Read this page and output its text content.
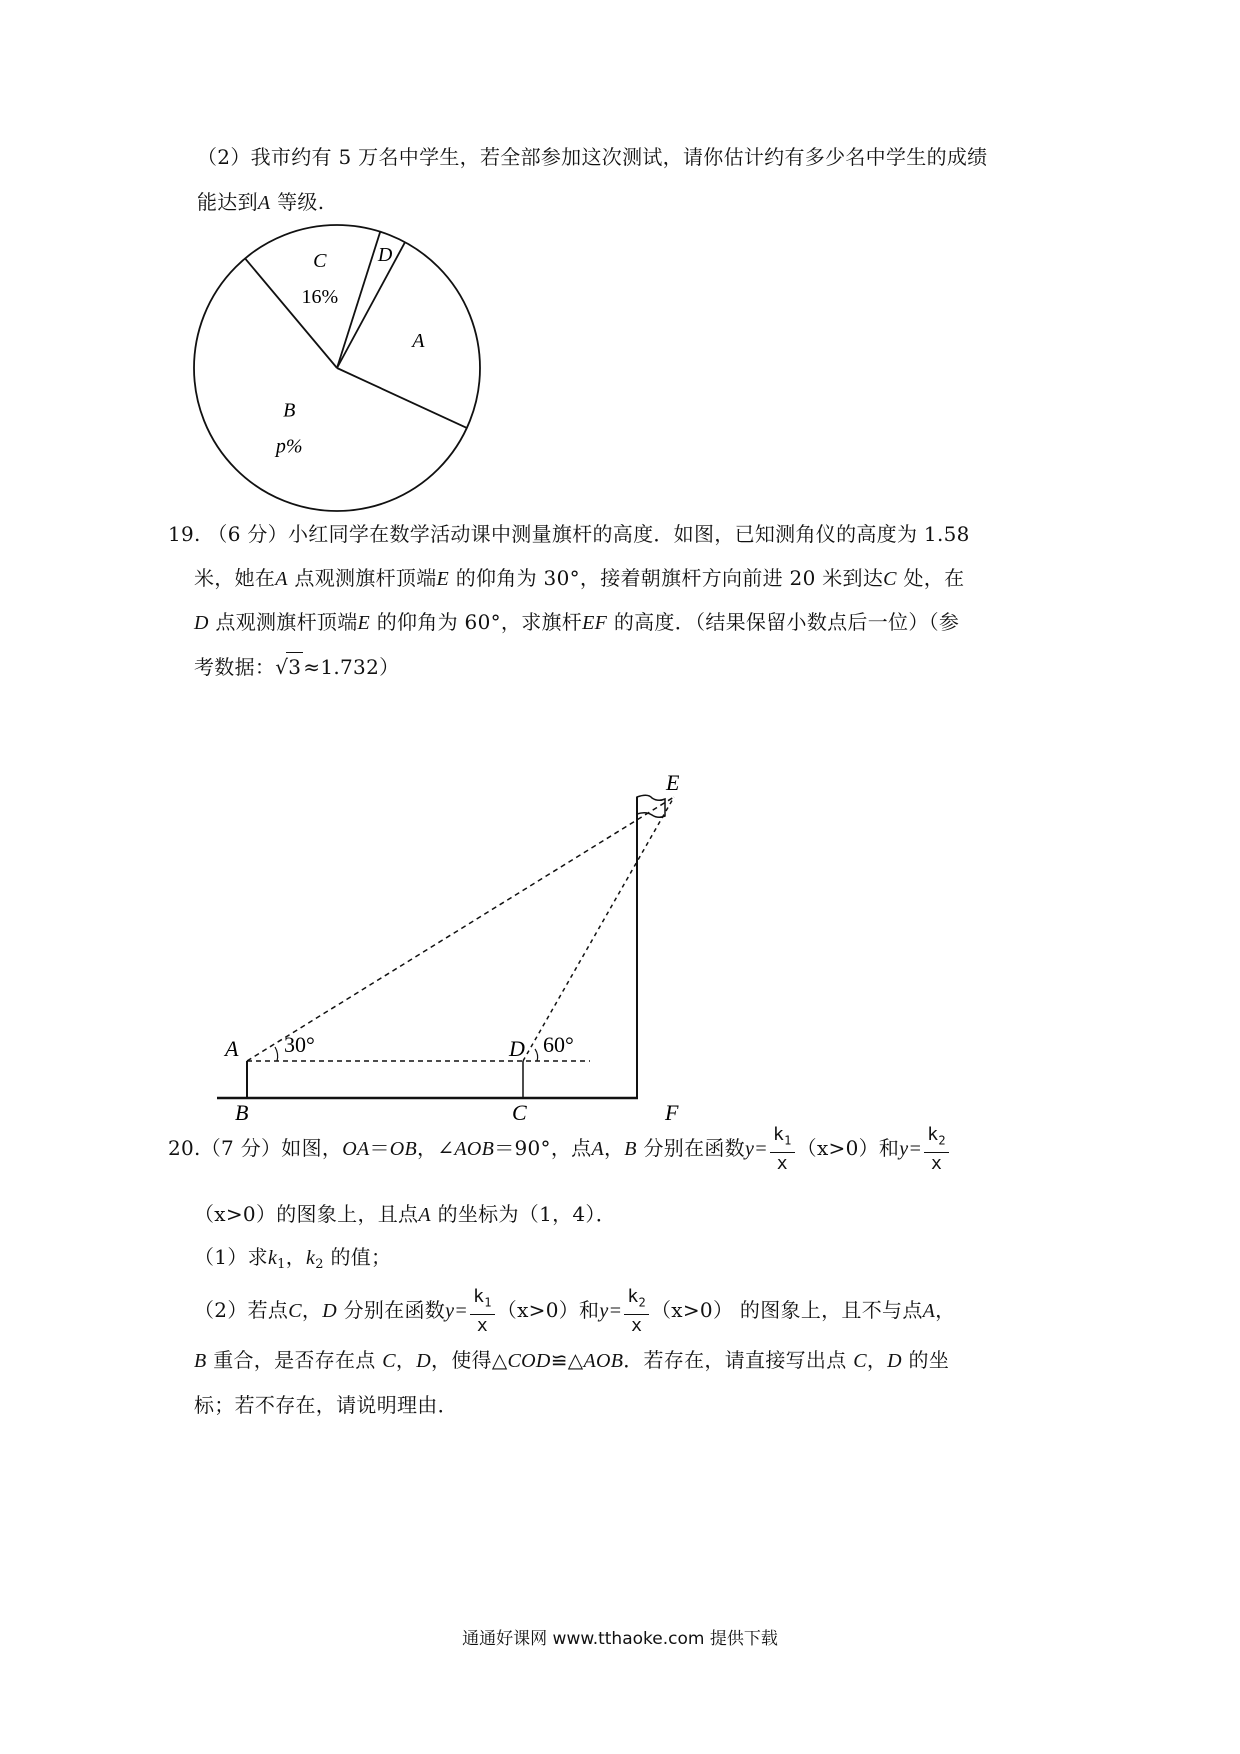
（2）我市约有 5 万名中学生，若全部参加这次测试，请你估计约有多少名中学生的成绩
能达到A 等级.
C
16%
D
A
B
p%
19. （6 分）小红同学在数学活动课中测量旗杆的高度．如图，已知测角仪的高度为 1.58
米，她在A 点观测旗杆顶端E 的仰角为 30°，接着朝旗杆方向前进 20 米到达C 处，在
D 点观测旗杆顶端E 的仰角为 60°，求旗杆EF 的高度．（结果保留小数点后一位）（参
考数据：√3 ≈1.732）
A 30°
B
D 60°
C
E
F
20.（7 分）如图，OA＝OB，∠AOB＝90°，点A，B 分别在函数$y= \frac{k_1}{x} (x>0)$和$y= \frac{k_2}{x}$
（x>0）的图象上，且点A 的坐标为（1，4）．
（1）求$k_1$，$k_2$ 的值；
（2）若点C，D 分别在函数$y= \frac{k_1}{x} (x>0)$和$y= \frac{k_2}{x} (x>0)$ 的图象上，且不与点A，
B 重合，是否存在点 C，D，使得△COD≌△AOB．若存在，请直接写出点 C，D 的坐
标；若不存在，请说明理由．
通通好课网 www.tthaoke.com 提供下载
